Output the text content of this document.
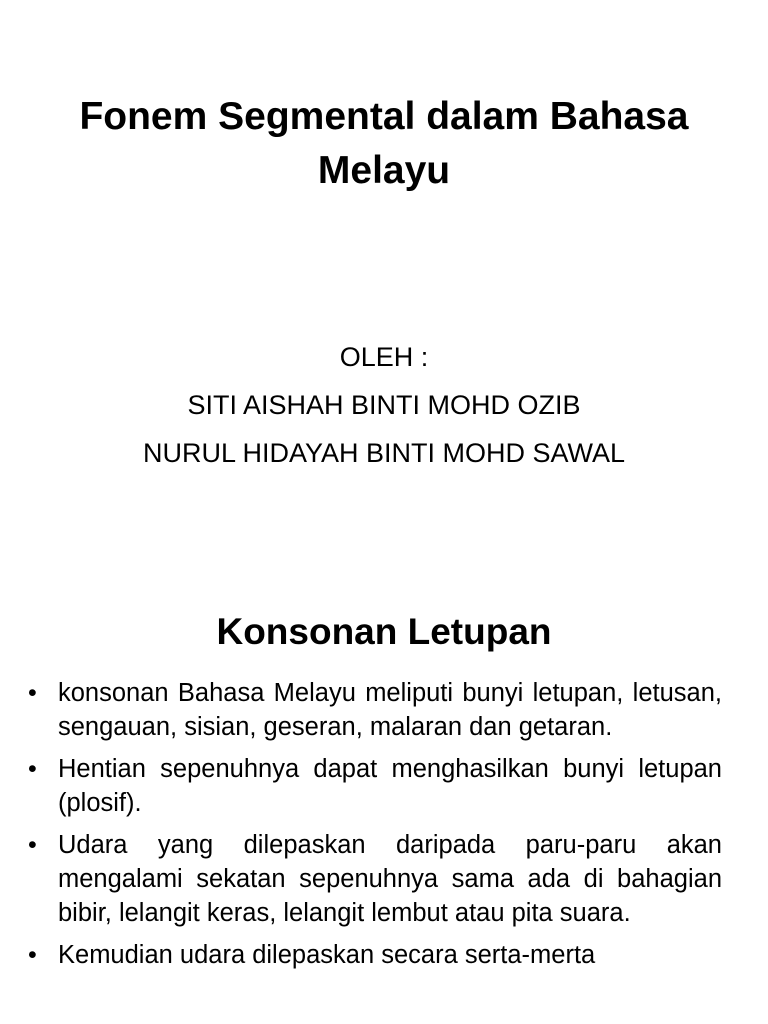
Fonem Segmental dalam Bahasa Melayu
OLEH :
SITI AISHAH BINTI MOHD OZIB
NURUL HIDAYAH BINTI MOHD SAWAL
Konsonan Letupan
• konsonan Bahasa Melayu meliputi bunyi letupan, letusan, sengauan, sisian, geseran, malaran dan getaran.
• Hentian sepenuhnya dapat menghasilkan bunyi letupan (plosif).
• Udara yang dilepaskan daripada paru-paru akan mengalami sekatan sepenuhnya sama ada di bahagian bibir, lelangit keras, lelangit lembut atau pita suara.
• Kemudian udara dilepaskan secara serta-merta
